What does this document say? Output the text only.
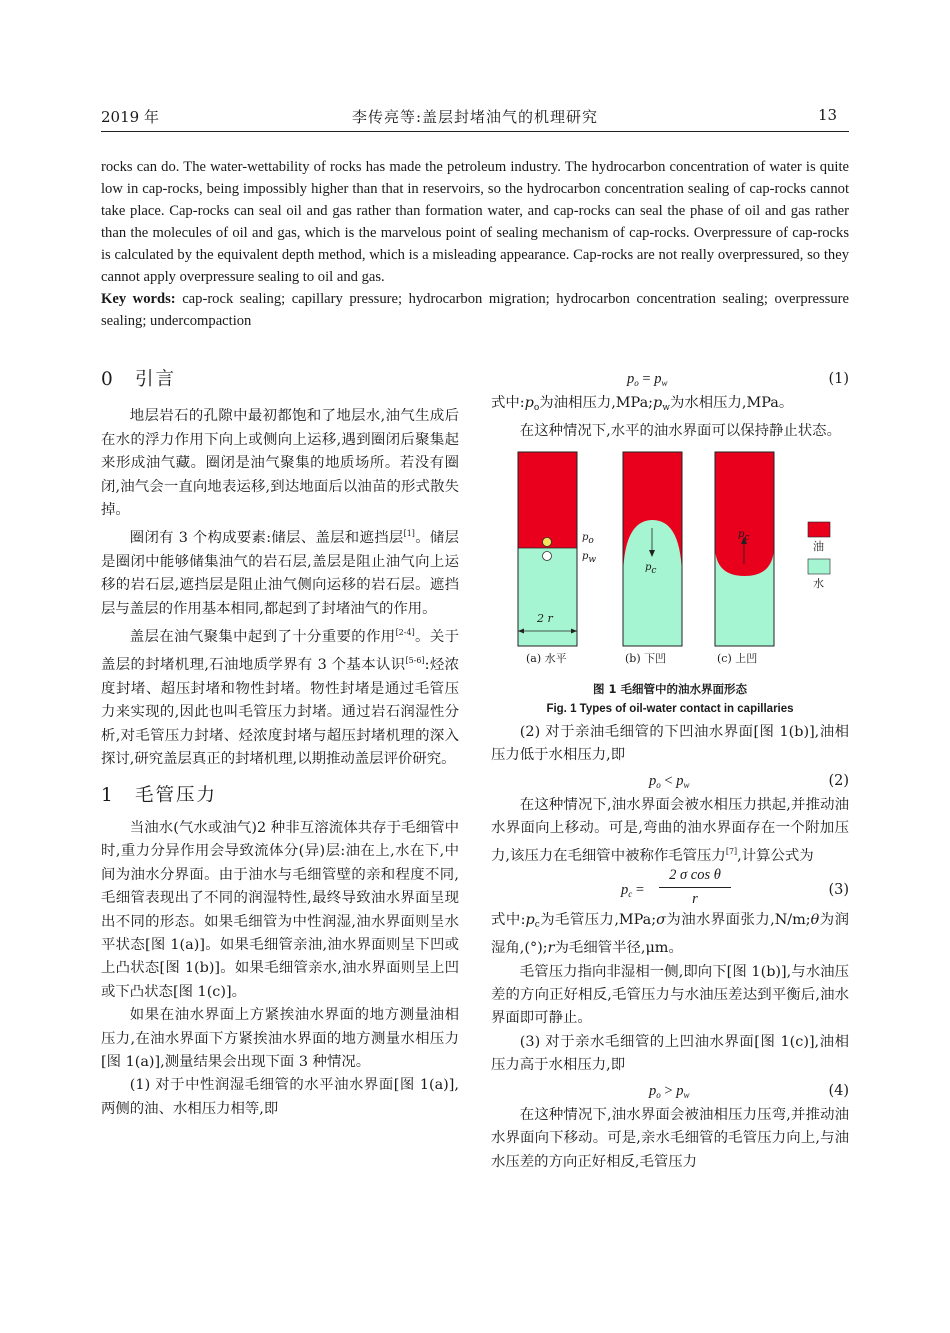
2019 年	李传亮等:盖层封堵油气的机理研究	13

rocks can do. The water-wettability of rocks has made the petroleum industry. The hydrocarbon concentration of water is quite low in cap-rocks, being impossibly higher than that in reservoirs, so the hydrocarbon concentration sealing of cap-rocks cannot take place. Cap-rocks can seal oil and gas rather than formation water, and cap-rocks can seal the phase of oil and gas rather than the molecules of oil and gas, which is the marvelous point of sealing mechanism of cap-rocks. Overpressure of cap-rocks is calculated by the equivalent depth method, which is a misleading appearance. Cap-rocks are not really overpressured, so they cannot apply overpressure sealing to oil and gas.

Key words: cap-rock sealing; capillary pressure; hydrocarbon migration; hydrocarbon concentration sealing; overpressure sealing; undercompaction

0 引言

地层岩石的孔隙中最初都饱和了地层水,油气生成后在水的浮力作用下向上或侧向上运移,遇到圈闭后聚集起来形成油气藏。圈闭是油气聚集的地质场所。若没有圈闭,油气会一直向地表运移,到达地面后以油苗的形式散失掉。

圈闭有 3 个构成要素:储层、盖层和遮挡层[1]。储层是圈闭中能够储集油气的岩石层,盖层是阻止油气向上运移的岩石层,遮挡层是阻止油气侧向运移的岩石层。遮挡层与盖层的作用基本相同,都起到了封堵油气的作用。

盖层在油气聚集中起到了十分重要的作用[2-4]。关于盖层的封堵机理,石油地质学界有 3 个基本认识[5-6]:烃浓度封堵、超压封堵和物性封堵。物性封堵是通过毛管压力来实现的,因此也叫毛管压力封堵。通过岩石润湿性分析,对毛管压力封堵、烃浓度封堵与超压封堵机理的深入探讨,研究盖层真正的封堵机理,以期推动盖层评价研究。

1 毛管压力

当油水(气水或油气)2 种非互溶流体共存于毛细管中时,重力分异作用会导致流体分(异)层:油在上,水在下,中间为油水分界面。由于油水与毛细管壁的亲和程度不同,毛细管表现出了不同的润湿特性,最终导致油水界面呈现出不同的形态。如果毛细管为中性润湿,油水界面则呈水平状态[图 1(a)]。如果毛细管亲油,油水界面则呈下凹或上凸状态[图 1(b)]。如果毛细管亲水,油水界面则呈上凹或下凸状态[图 1(c)]。

如果在油水界面上方紧挨油水界面的地方测量油相压力,在油水界面下方紧挨油水界面的地方测量水相压力[图 1(a)],测量结果会出现下面 3 种情况。

(1) 对于中性润湿毛细管的水平油水界面[图 1(a)],两侧的油、水相压力相等,即

$p_o = p_w$	(1)

式中$:p_o$为油相压力$,MPa;p_w$为水相压力,MPa。

在这种情况下,水平的油水界面可以保持静止状态。

$p_o$
$p_w$
$p_c$
$p_c$
2 r
油
水
(a) 水平	(b) 下凹	(c) 上凹
图 1 毛细管中的油水界面形态
Fig. 1 Types of oil-water contact in capillaries

(2) 对于亲油毛细管的下凹油水界面[图 1(b)],油相压力低于水相压力,即

$p_o < p_w$	(2)

在这种情况下,油水界面会被水相压力拱起,并推动油水界面向上移动。可是,弯曲的油水界面存在一个附加压力,该压力在毛细管中被称作毛管压力[7],计算公式为

$p_c$ =
2 σ cos θ
r
(3)

式中$:p_c$为毛管压力,MPa;σ为油水界面张力,N/m;θ为润湿角,(°);r为毛细管半径,μm。

毛管压力指向非湿相一侧,即向下[图 1(b)],与水油压差的方向正好相反,毛管压力与水油压差达到平衡后,油水界面即可静止。

(3) 对于亲水毛细管的上凹油水界面[图 1(c)],油相压力高于水相压力,即

$p_o > p_w$	(4)

在这种情况下,油水界面会被油相压力压弯,并推动油水界面向下移动。可是,亲水毛细管的毛管压力向上,与油水压差的方向正好相反,毛管压力
